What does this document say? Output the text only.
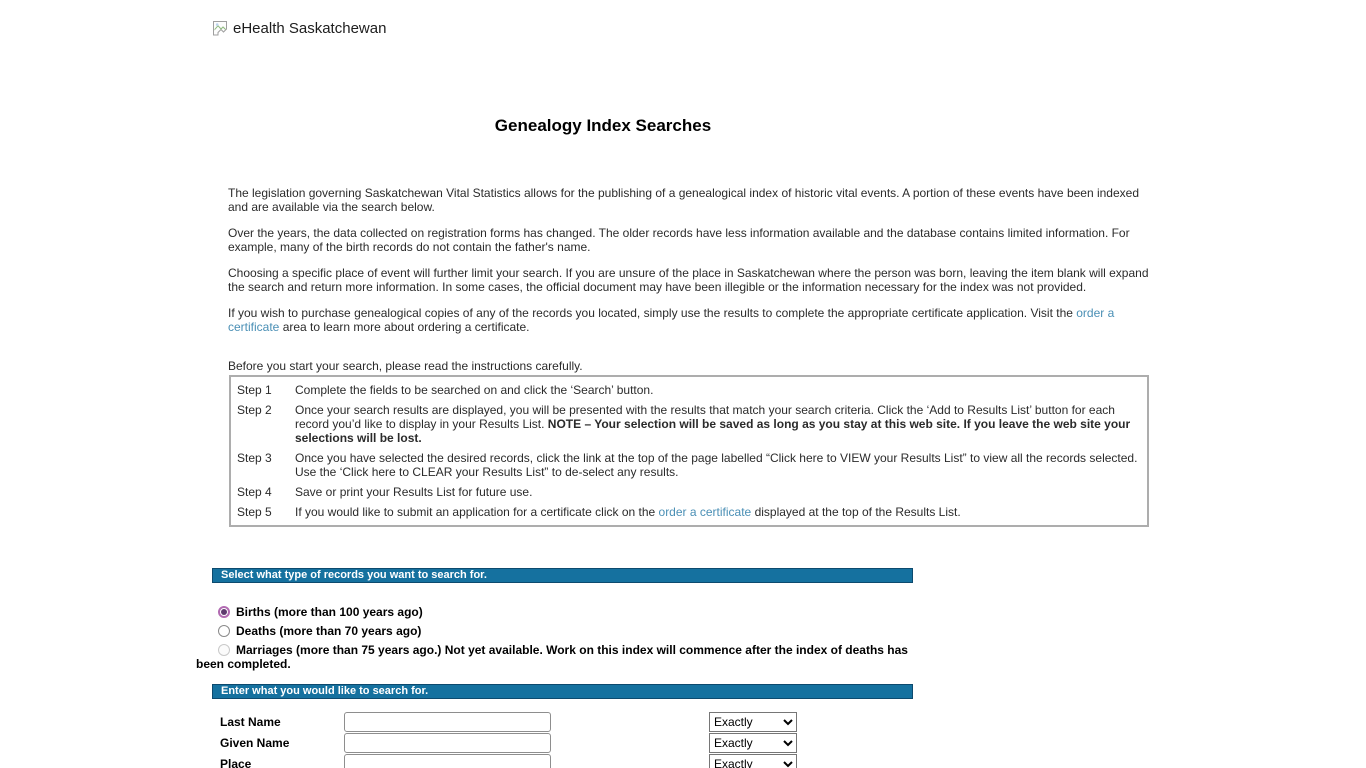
eHealth Saskatchewan
Genealogy Index Searches

The legislation governing Saskatchewan Vital Statistics allows for the publishing of a genealogical index of historic vital events. A portion of these events have been indexed and are available via the search below.

Over the years, the data collected on registration forms has changed. The older records have less information available and the database contains limited information. For example, many of the birth records do not contain the father's name.

Choosing a specific place of event will further limit your search. If you are unsure of the place in Saskatchewan where the person was born, leaving the item blank will expand the search and return more information. In some cases, the official document may have been illegible or the information necessary for the index was not provided.

If you wish to purchase genealogical copies of any of the records you located, simply use the results to complete the appropriate certificate application. Visit the order a certificate area to learn more about ordering a certificate.

Before you start your search, please read the instructions carefully.
Step 1	Complete the fields to be searched on and click the ‘Search’ button.
Step 2	Once your search results are displayed, you will be presented with the results that match your search criteria. Click the ‘Add to Results List’ button for each record you’d like to display in your Results List. NOTE – Your selection will be saved as long as you stay at this web site. If you leave the web site your selections will be lost.
Step 3	Once you have selected the desired records, click the link at the top of the page labelled “Click here to VIEW your Results List” to view all the records selected. Use the ‘Click here to CLEAR your Results List” to de-select any results.
Step 4	Save or print your Results List for future use.
Step 5	If you would like to submit an application for a certificate click on the order a certificate displayed at the top of the Results List.
Select what type of records you want to search for.
Births (more than 100 years ago)
Deaths (more than 70 years ago)
Marriages (more than 75 years ago.) Not yet available. Work on this index will commence after the index of deaths has been completed.
Enter what you would like to search for.
Last Name
Exactly
Given Name
Exactly
Place
Exactly
